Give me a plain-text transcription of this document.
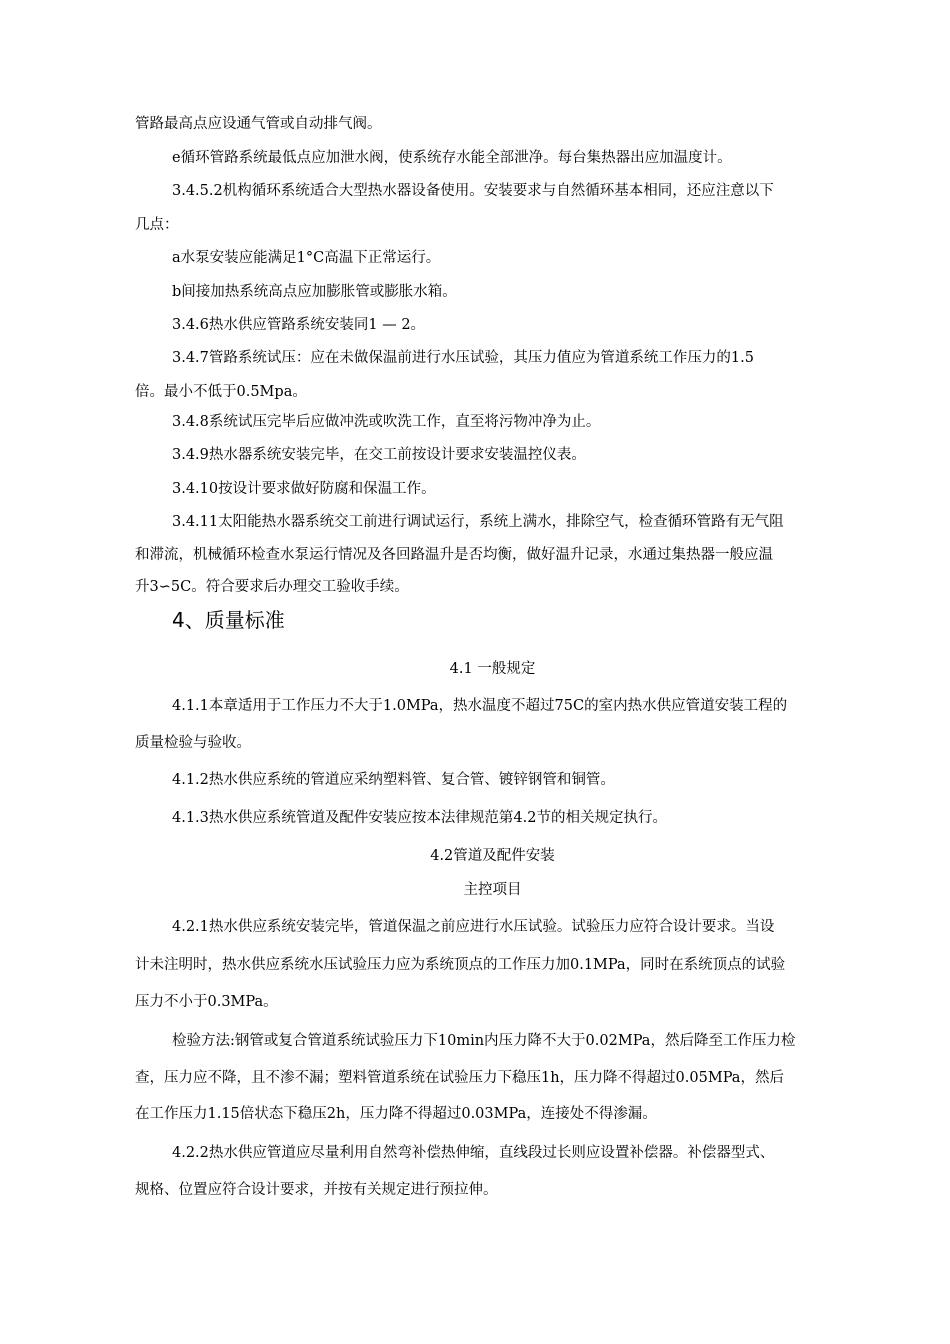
管路最高点应设通气管或自动排气阀。
e循环管路系统最低点应加泄水阀，使系统存水能全部泄净。每台集热器出应加温度计。
3.4.5.2机构循环系统适合大型热水器设备使用。安装要求与自然循环基本相同，还应注意以下
几点：
a水泵安装应能满足1°C高温下正常运行。
b间接加热系统高点应加膨胀管或膨胀水箱。
3.4.6热水供应管路系统安装同1 — 2。
3.4.7管路系统试压：应在未做保温前进行水压试验，其压力值应为管道系统工作压力的1.5
倍。最小不低于0.5Mpa。
3.4.8系统试压完毕后应做冲洗或吹洗工作，直至将污物冲净为止。
3.4.9热水器系统安装完毕，在交工前按设计要求安装温控仪表。
3.4.10按设计要求做好防腐和保温工作。
3.4.11太阳能热水器系统交工前进行调试运行，系统上满水，排除空气，检查循环管路有无气阻
和滞流，机械循环检查水泵运行情况及各回路温升是否均衡，做好温升记录，水通过集热器一般应温
升3∽5C。符合要求后办理交工验收手续。
4、质量标准
4.1 一般规定
4.1.1本章适用于工作压力不大于1.0MPa，热水温度不超过75C的室内热水供应管道安装工程的
质量检验与验收。
4.1.2热水供应系统的管道应采纳塑料管、复合管、镀锌钢管和铜管。
4.1.3热水供应系统管道及配件安装应按本法律规范第4.2节的相关规定执行。
4.2管道及配件安装
主控项目
4.2.1热水供应系统安装完毕，管道保温之前应进行水压试验。试验压力应符合设计要求。当设
计未注明时，热水供应系统水压试验压力应为系统顶点的工作压力加0.1MPa，同时在系统顶点的试验
压力不小于0.3MPa。
检验方法:钢管或复合管道系统试验压力下10min内压力降不大于0.02MPa，然后降至工作压力检
查，压力应不降，且不渗不漏；塑料管道系统在试验压力下稳压1h，压力降不得超过0.05MPa，然后
在工作压力1.15倍状态下稳压2h，压力降不得超过0.03MPa，连接处不得渗漏。
4.2.2热水供应管道应尽量利用自然弯补偿热伸缩，直线段过长则应设置补偿器。补偿器型式、
规格、位置应符合设计要求，并按有关规定进行预拉伸。
